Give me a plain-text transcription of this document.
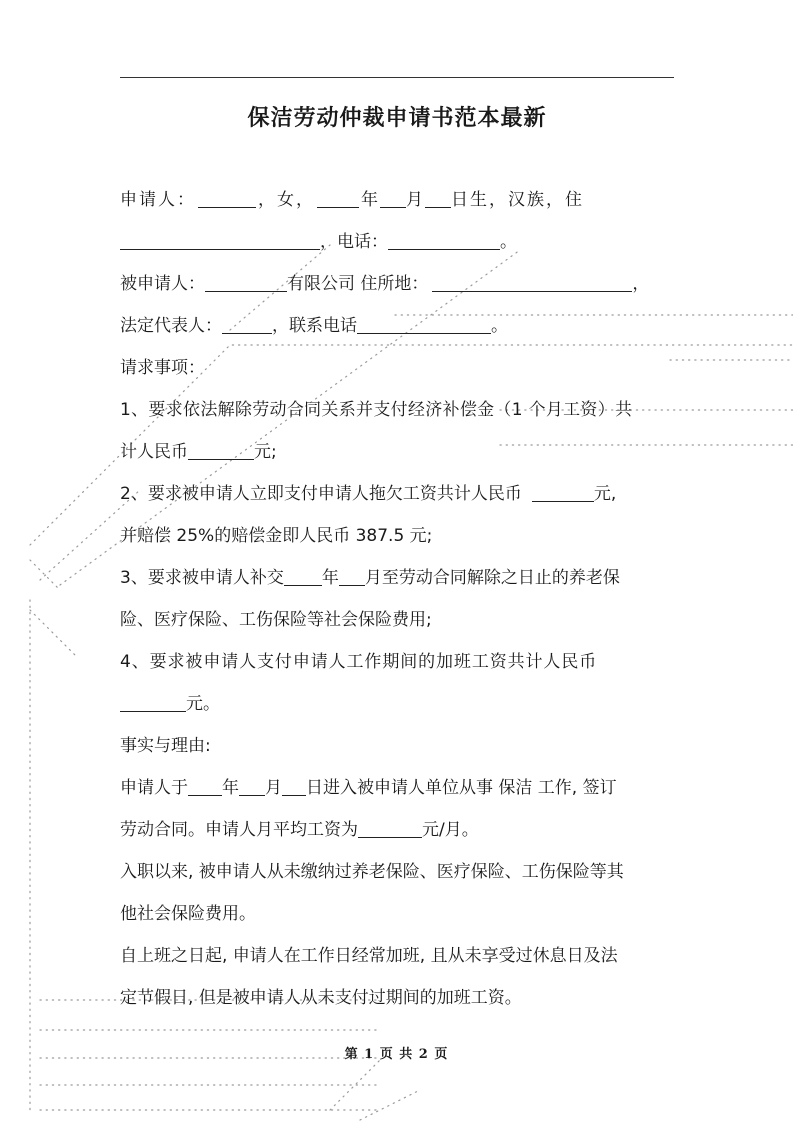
保洁劳动仲裁申请书范本最新
申请人：	，女，	年 月 日生，汉族，住
，电话：	。
被申请人：	有限公司 住所地：	，
法定代表人：	，联系电话	。
请求事项：
1、要求依法解除劳动合同关系并支付经济补偿金（1 个月工资）共
计人民币	元;
2、要求被申请人立即支付申请人拖欠工资共计人民币	元,
并赔偿 25%的赔偿金即人民币 387.5 元;
3、要求被申请人补交 年 月至劳动合同解除之日止的养老保
险、医疗保险、工伤保险等社会保险费用;
4、要求被申请人支付申请人工作期间的加班工资共计人民币
元。
事实与理由:
申请人于 年 月 日进入被申请人单位从事 保洁 工作, 签订
劳动合同。申请人月平均工资为	元/月。
入职以来, 被申请人从未缴纳过养老保险、医疗保险、工伤保险等其
他社会保险费用。
自上班之日起, 申请人在工作日经常加班, 且从未享受过休息日及法
定节假日, 但是被申请人从未支付过期间的加班工资。
第 1 页 共 2 页
